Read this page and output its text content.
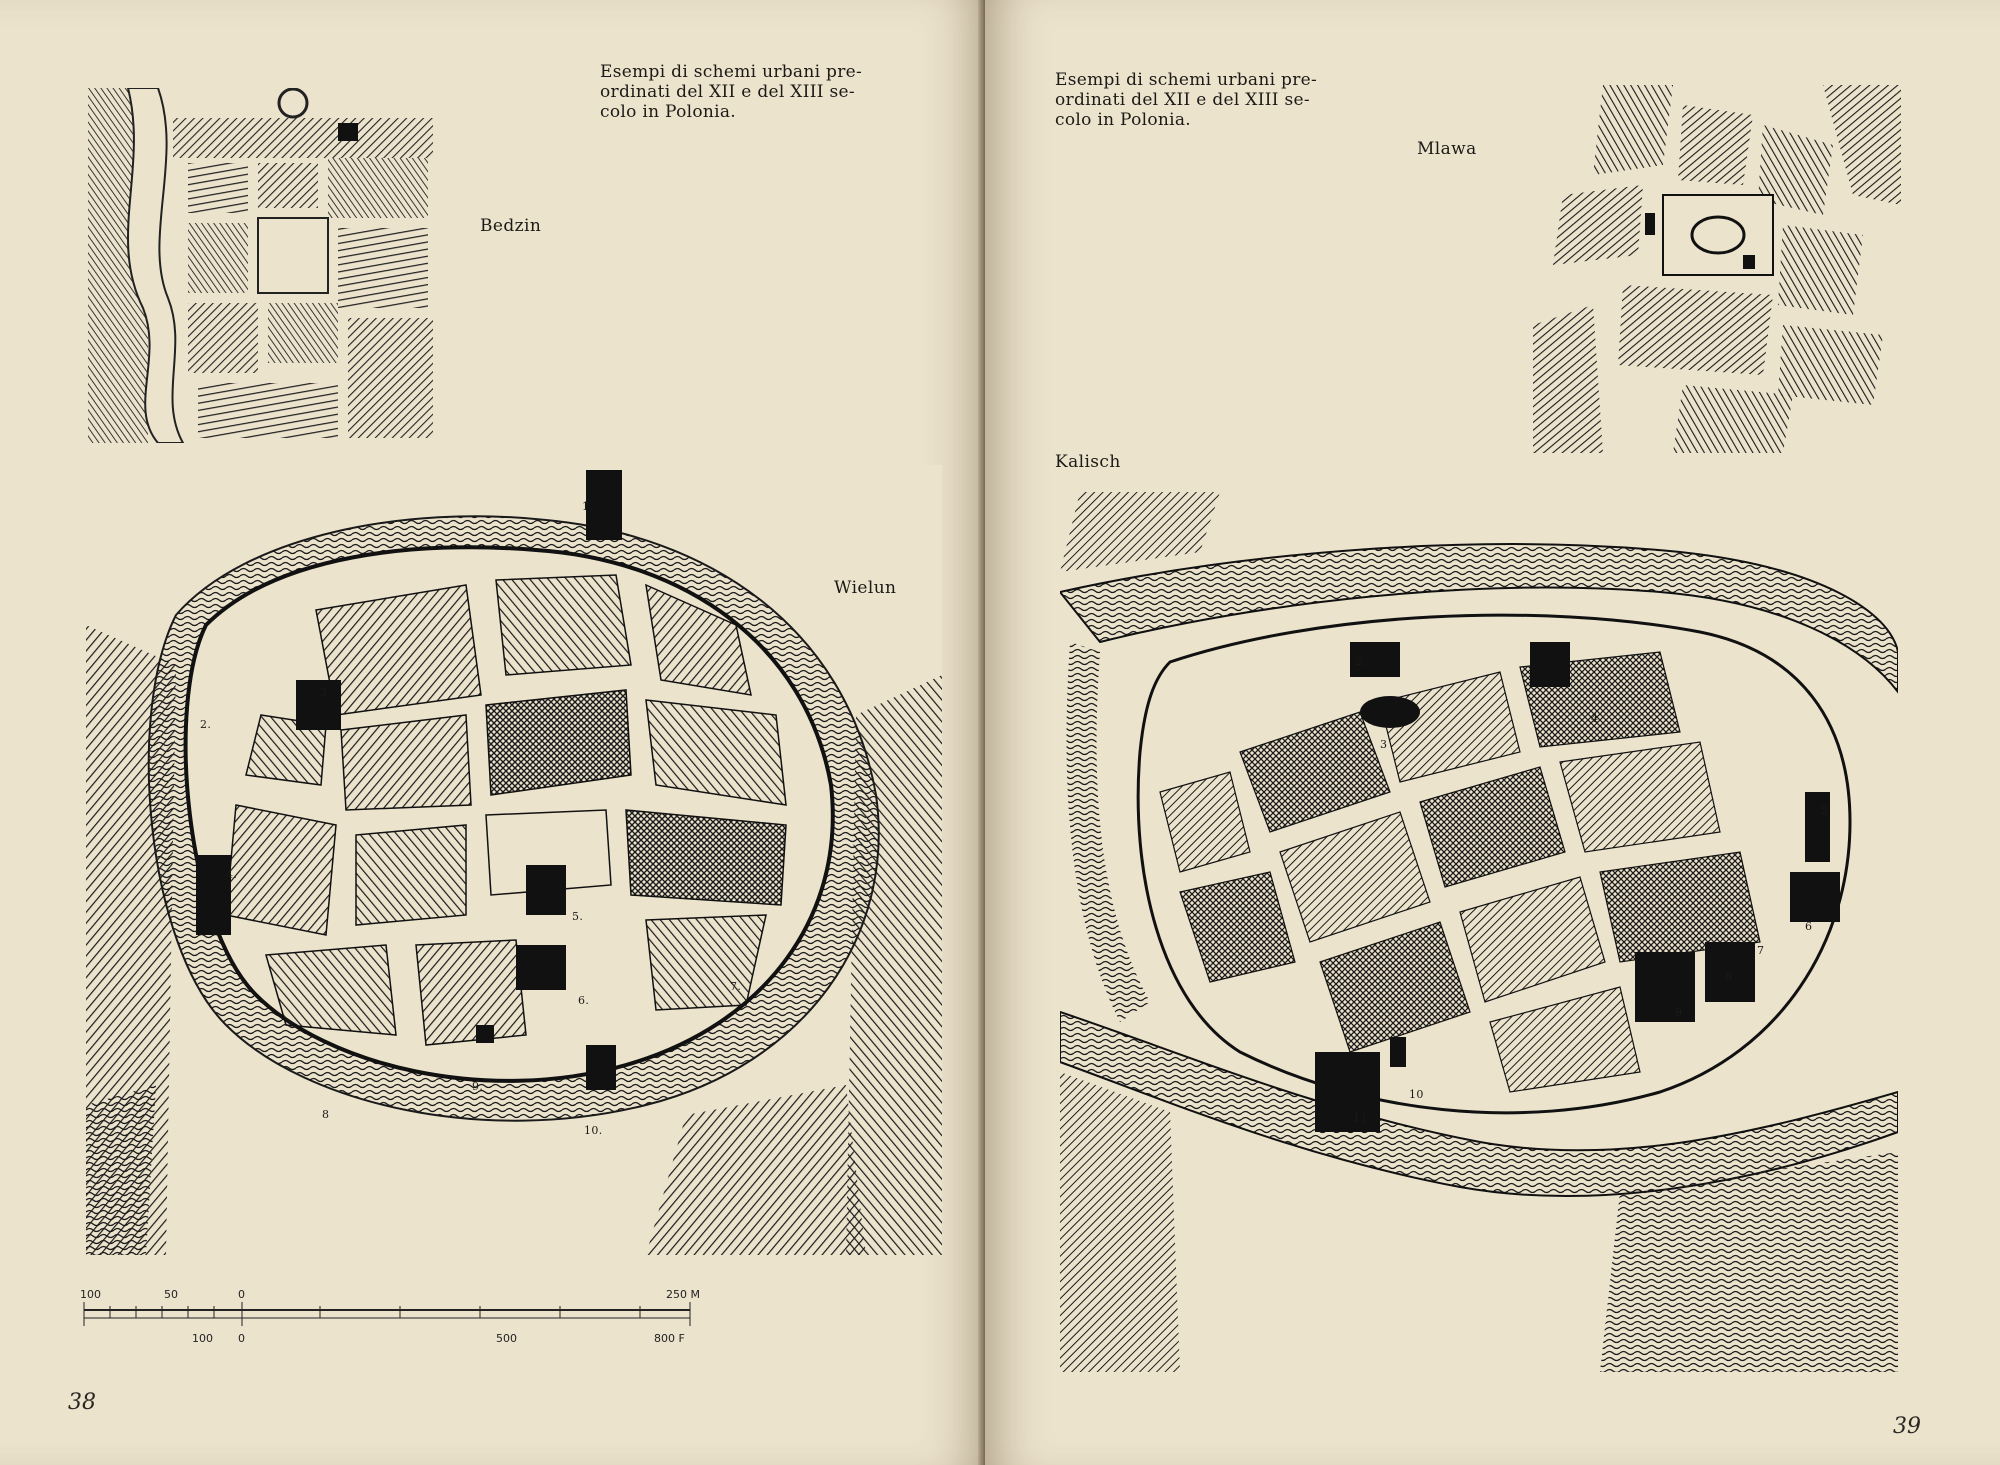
Esempi di schemi urbani pre-
ordinati del XII e del XIII se-
colo in Polonia.
Bedzin
Wielun
1.
2.
3.
4.
5.
6.
7.
8
9.
10.
100	50	0	250 M
100 0	500	800 F
38
Esempi di schemi urbani pre-
ordinati del XII e del XIII se-
colo in Polonia.
Mlawa
Kalisch
2.
3
4
5
6
7
8
9
10
11
39
